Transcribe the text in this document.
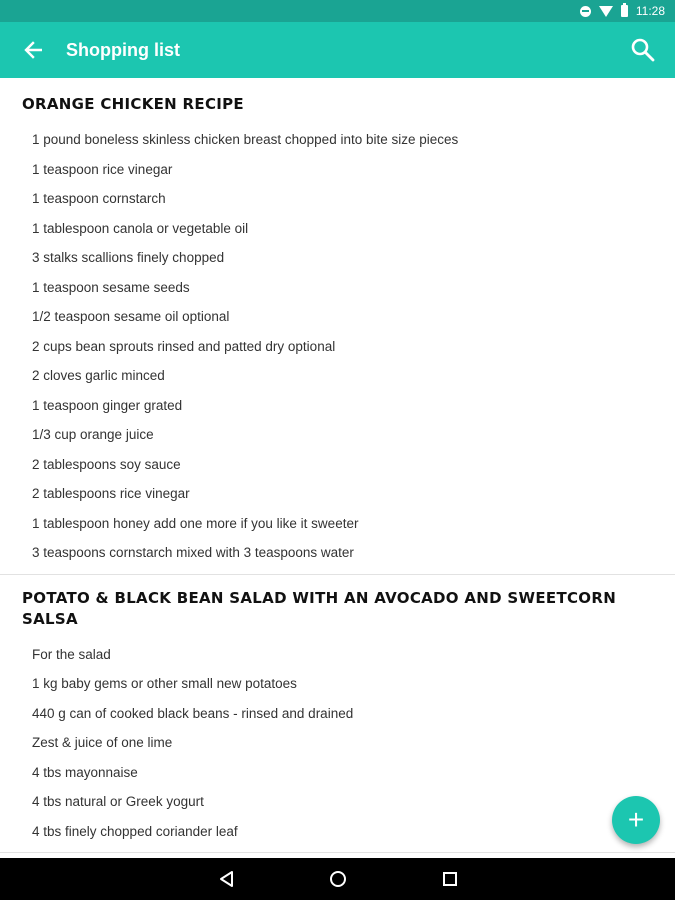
11:28
Shopping list
ORANGE CHICKEN RECIPE
1 pound boneless skinless chicken breast chopped into bite size pieces
1 teaspoon rice vinegar
1 teaspoon cornstarch
1 tablespoon canola or vegetable oil
3 stalks scallions finely chopped
1 teaspoon sesame seeds
1/2 teaspoon sesame oil optional
2 cups bean sprouts rinsed and patted dry optional
2 cloves garlic minced
1 teaspoon ginger grated
1/3 cup orange juice
2 tablespoons soy sauce
2 tablespoons rice vinegar
1 tablespoon honey add one more if you like it sweeter
3 teaspoons cornstarch mixed with 3 teaspoons water
POTATO & BLACK BEAN SALAD WITH AN AVOCADO AND SWEETCORN SALSA
For the salad
1 kg baby gems or other small new potatoes
440 g can of cooked black beans - rinsed and drained
Zest & juice of one lime
4 tbs mayonnaise
4 tbs natural or Greek yogurt
4 tbs finely chopped coriander leaf	+
